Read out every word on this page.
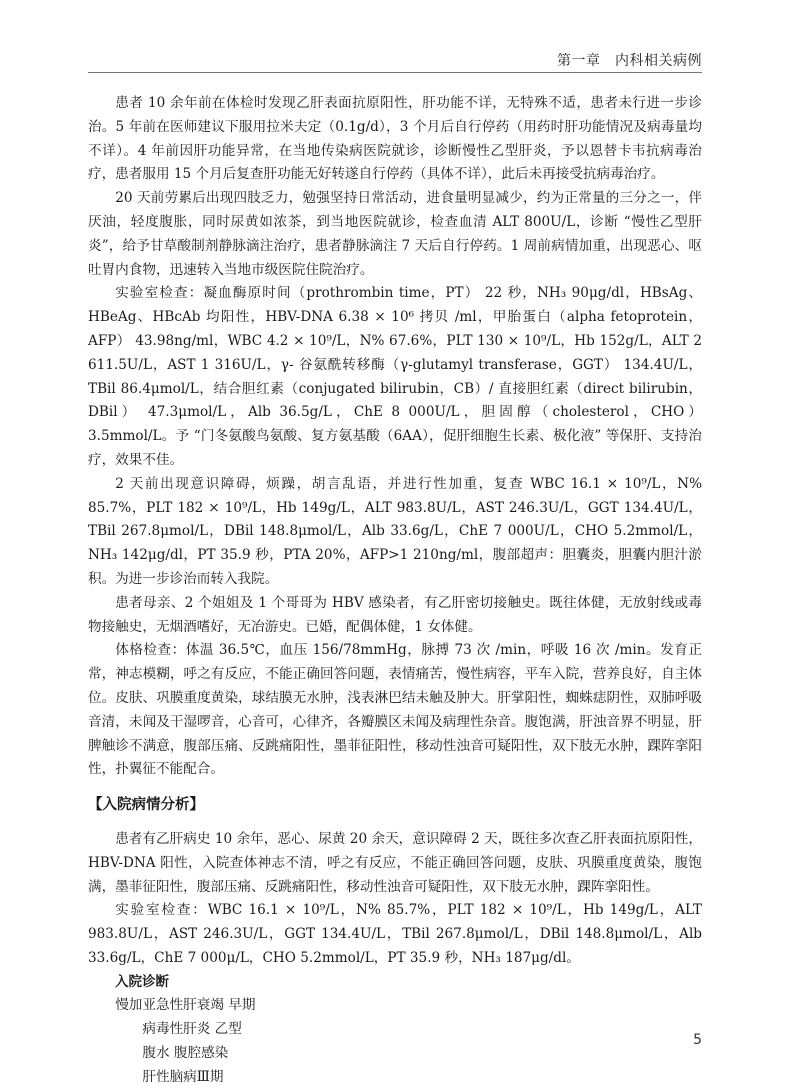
第一章　内科相关病例

患者 10 余年前在体检时发现乙肝表面抗原阳性，肝功能不详，无特殊不适，患者未行进一步诊治。5 年前在医师建议下服用拉米夫定（0.1g/d），3 个月后自行停药（用药时肝功能情况及病毒量均不详）。4 年前因肝功能异常，在当地传染病医院就诊，诊断慢性乙型肝炎，予以恩替卡韦抗病毒治疗，患者服用 15 个月后复查肝功能无好转遂自行停药（具体不详），此后未再接受抗病毒治疗。

20 天前劳累后出现四肢乏力，勉强坚持日常活动，进食量明显减少，约为正常量的三分之一，伴厌油，轻度腹胀，同时尿黄如浓茶，到当地医院就诊，检查血清 ALT 800U/L，诊断 “慢性乙型肝炎”，给予甘草酸制剂静脉滴注治疗，患者静脉滴注 7 天后自行停药。1 周前病情加重，出现恶心、呕吐胃内食物，迅速转入当地市级医院住院治疗。

实验室检查：凝血酶原时间（prothrombin time，PT） 22 秒，NH₃ 90μg/dl，HBsAg、HBeAg、HBcAb 均阳性，HBV-DNA 6.38 × 10⁶ 拷贝 /ml，甲胎蛋白（alpha fetoprotein，AFP） 43.98ng/ml，WBC 4.2 × 10⁹/L，N% 67.6%，PLT 130 × 10⁹/L，Hb 152g/L，ALT 2 611.5U/L，AST 1 316U/L，γ- 谷氨酰转移酶（γ-glutamyl transferase，GGT） 134.4U/L，TBil 86.4μmol/L，结合胆红素（conjugated bilirubin，CB）/ 直接胆红素（direct bilirubin，DBil） 47.3μmol/L，Alb 36.5g/L，ChE 8 000U/L，胆固醇（cholesterol，CHO） 3.5mmol/L。予 “门冬氨酸鸟氨酸、复方氨基酸（6AA），促肝细胞生长素、极化液” 等保肝、支持治疗，效果不佳。

2 天前出现意识障碍，烦躁，胡言乱语，并进行性加重，复查 WBC 16.1 × 10⁹/L，N% 85.7%，PLT 182 × 10⁹/L，Hb 149g/L，ALT 983.8U/L，AST 246.3U/L，GGT 134.4U/L，TBil 267.8μmol/L，DBil 148.8μmol/L，Alb 33.6g/L，ChE 7 000U/L，CHO 5.2mmol/L，NH₃ 142μg/dl，PT 35.9 秒，PTA 20%，AFP>1 210ng/ml，腹部超声：胆囊炎，胆囊内胆汁淤积。为进一步诊治而转入我院。

患者母亲、2 个姐姐及 1 个哥哥为 HBV 感染者，有乙肝密切接触史。既往体健，无放射线或毒物接触史，无烟酒嗜好，无冶游史。已婚，配偶体健，1 女体健。

体格检查：体温 36.5℃，血压 156/78mmHg，脉搏 73 次 /min，呼吸 16 次 /min。发育正常，神志模糊，呼之有反应，不能正确回答问题，表情痛苦，慢性病容，平车入院，营养良好，自主体位。皮肤、巩膜重度黄染，球结膜无水肿，浅表淋巴结未触及肿大。肝掌阳性，蜘蛛痣阴性，双肺呼吸音清，未闻及干湿啰音，心音可，心律齐，各瓣膜区未闻及病理性杂音。腹饱满，肝浊音界不明显，肝脾触诊不满意，腹部压痛、反跳痛阳性，墨菲征阳性，移动性浊音可疑阳性，双下肢无水肿，踝阵挛阳性，扑翼征不能配合。

【入院病情分析】

患者有乙肝病史 10 余年，恶心、尿黄 20 余天，意识障碍 2 天，既往多次查乙肝表面抗原阳性，HBV-DNA 阳性，入院查体神志不清，呼之有反应，不能正确回答问题，皮肤、巩膜重度黄染，腹饱满，墨菲征阳性，腹部压痛、反跳痛阳性，移动性浊音可疑阳性，双下肢无水肿，踝阵挛阳性。

实验室检查：WBC 16.1 × 10⁹/L，N% 85.7%，PLT 182 × 10⁹/L，Hb 149g/L，ALT 983.8U/L，AST 246.3U/L，GGT 134.4U/L，TBil 267.8μmol/L，DBil 148.8μmol/L，Alb 33.6g/L，ChE 7 000μ/L，CHO 5.2mmol/L，PT 35.9 秒，NH₃ 187μg/dl。

入院诊断
慢加亚急性肝衰竭 早期
病毒性肝炎 乙型
腹水 腹腔感染
肝性脑病Ⅲ期
5
